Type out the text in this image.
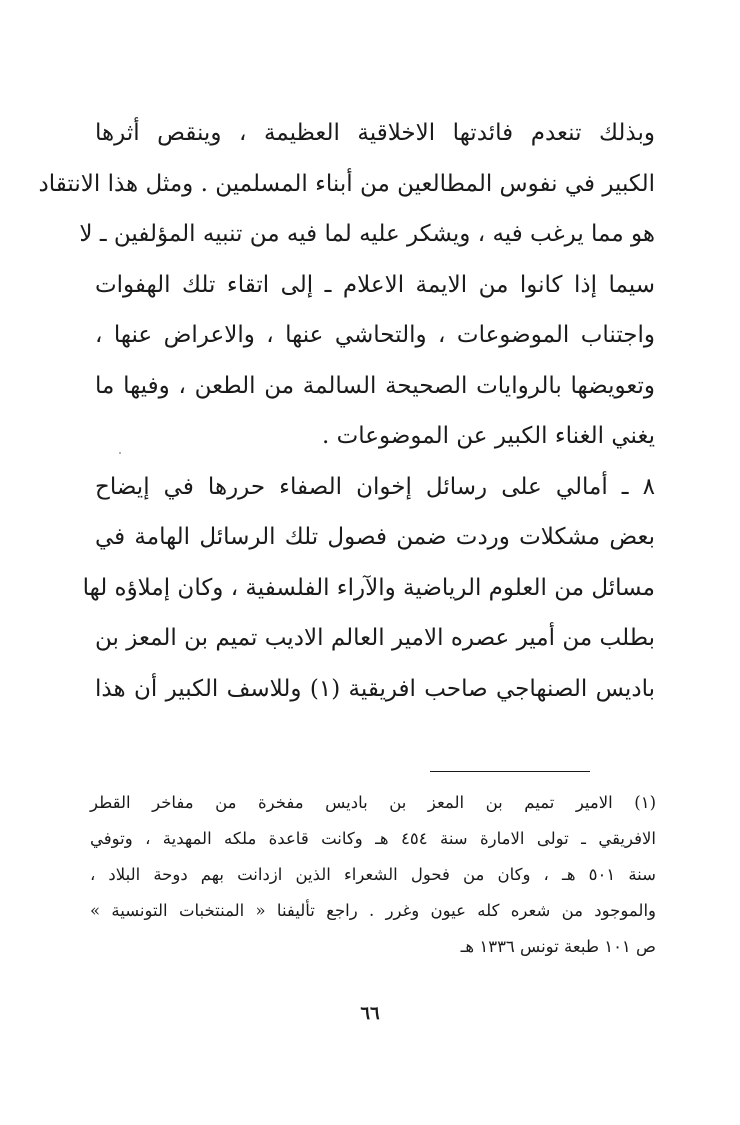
وبذلك تنعدم فائدتها الاخلاقية العظيمة ، وينقص أثرها
الكبير في نفوس المطالعين من أبناء المسلمين . ومثل هذا الانتقاد
هو مما يرغب فيه ، ويشكر عليه لما فيه من تنبيه المؤلفين ـ لا
سيما إذا كانوا من الايمة الاعلام ـ إلى اتقاء تلك الهفوات
واجتناب الموضوعات ، والتحاشي عنها ، والاعراض عنها ،
وتعويضها بالروايات الصحيحة السالمة من الطعن ، وفيها ما
يغني الغناء الكبير عن الموضوعات .
٨ ـ أمالي على رسائل إخوان الصفاء حررها في إيضاح
بعض مشكلات وردت ضمن فصول تلك الرسائل الهامة في
مسائل من العلوم الرياضية والآراء الفلسفية ، وكان إملاؤه لها
بطلب من أمير عصره الامير العالم الاديب تميم بن المعز بن
باديس الصنهاجي صاحب افريقية (١) وللاسف الكبير أن هذا
(١) الامير تميم بن المعز بن باديس مفخرة من مفاخر القطر
الافريقي ـ تولى الامارة سنة ٤٥٤ هـ وكانت قاعدة ملكه المهدية ، وتوفي
سنة ٥٠١ هـ ، وكان من فحول الشعراء الذين ازدانت بهم دوحة البلاد ،
والموجود من شعره كله عيون وغرر . راجع تأليفنا « المنتخبات التونسية »
ص ١٠١ طبعة تونس ١٣٣٦ هـ
٦٦
